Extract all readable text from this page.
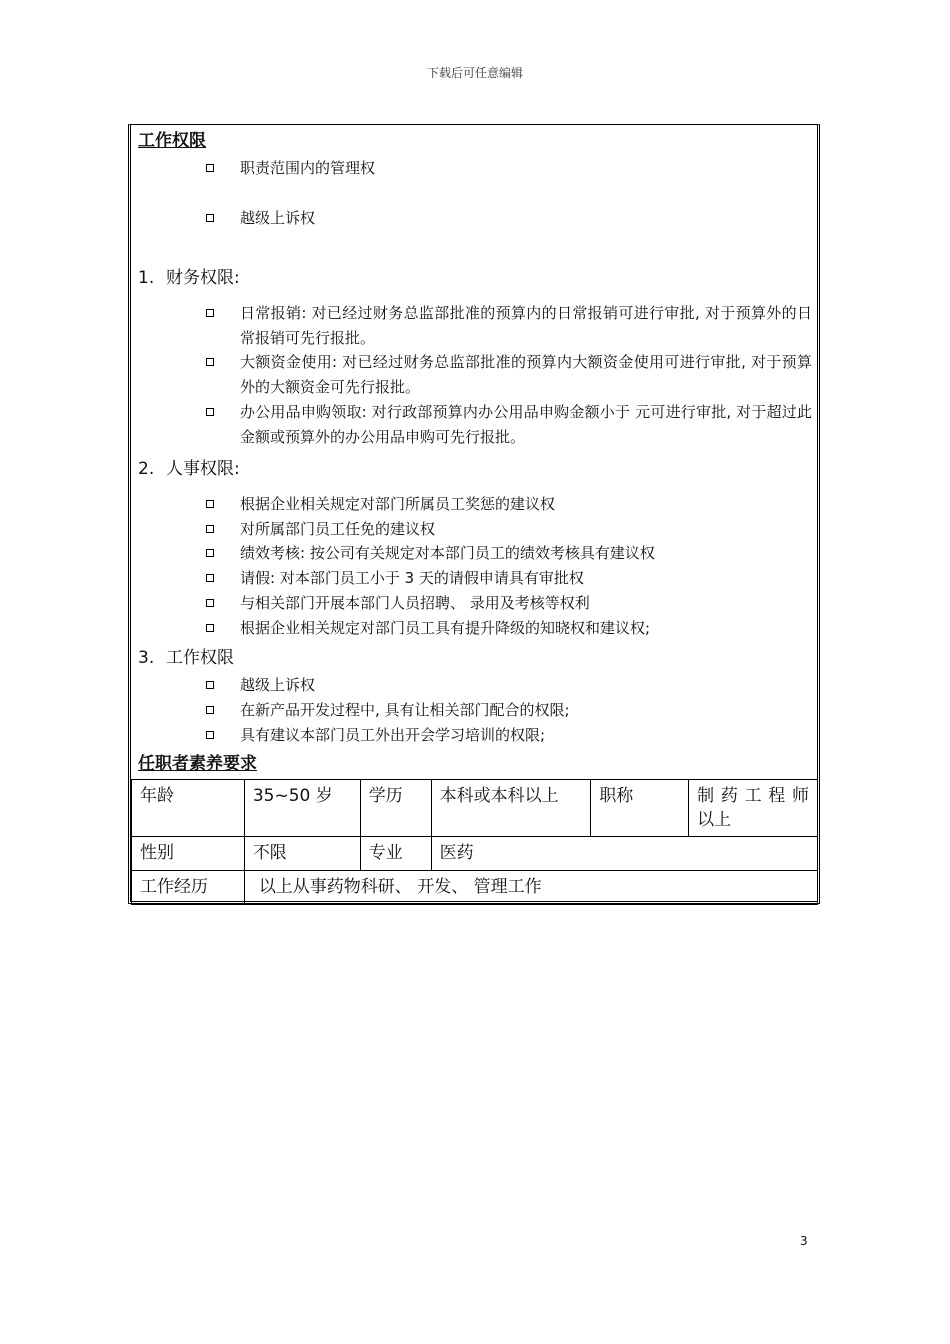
下载后可任意编辑
工作权限
职责范围内的管理权
越级上诉权
1. 财务权限:
日常报销: 对已经过财务总监部批准的预算内的日常报销可进行审批, 对于预算外的日常报销可先行报批。
大额资金使用: 对已经过财务总监部批准的预算内大额资金使用可进行审批, 对于预算外的大额资金可先行报批。
办公用品申购领取: 对行政部预算内办公用品申购金额小于 元可进行审批, 对于超过此金额或预算外的办公用品申购可先行报批。
2. 人事权限:
根据企业相关规定对部门所属员工奖惩的建议权
对所属部门员工任免的建议权
绩效考核: 按公司有关规定对本部门员工的绩效考核具有建议权
请假: 对本部门员工小于 3 天的请假申请具有审批权
与相关部门开展本部门人员招聘、 录用及考核等权利
根据企业相关规定对部门员工具有提升降级的知晓权和建议权;
3. 工作权限
越级上诉权
在新产品开发过程中, 具有让相关部门配合的权限;
具有建议本部门员工外出开会学习培训的权限;
任职者素养要求
年龄	35~50 岁	学历	本科或本科以上	职称	制 药 工 程 师 以上
性别	不限	专业	医药		
工作经历	以上从事药物科研、 开发、 管理工作				
3
